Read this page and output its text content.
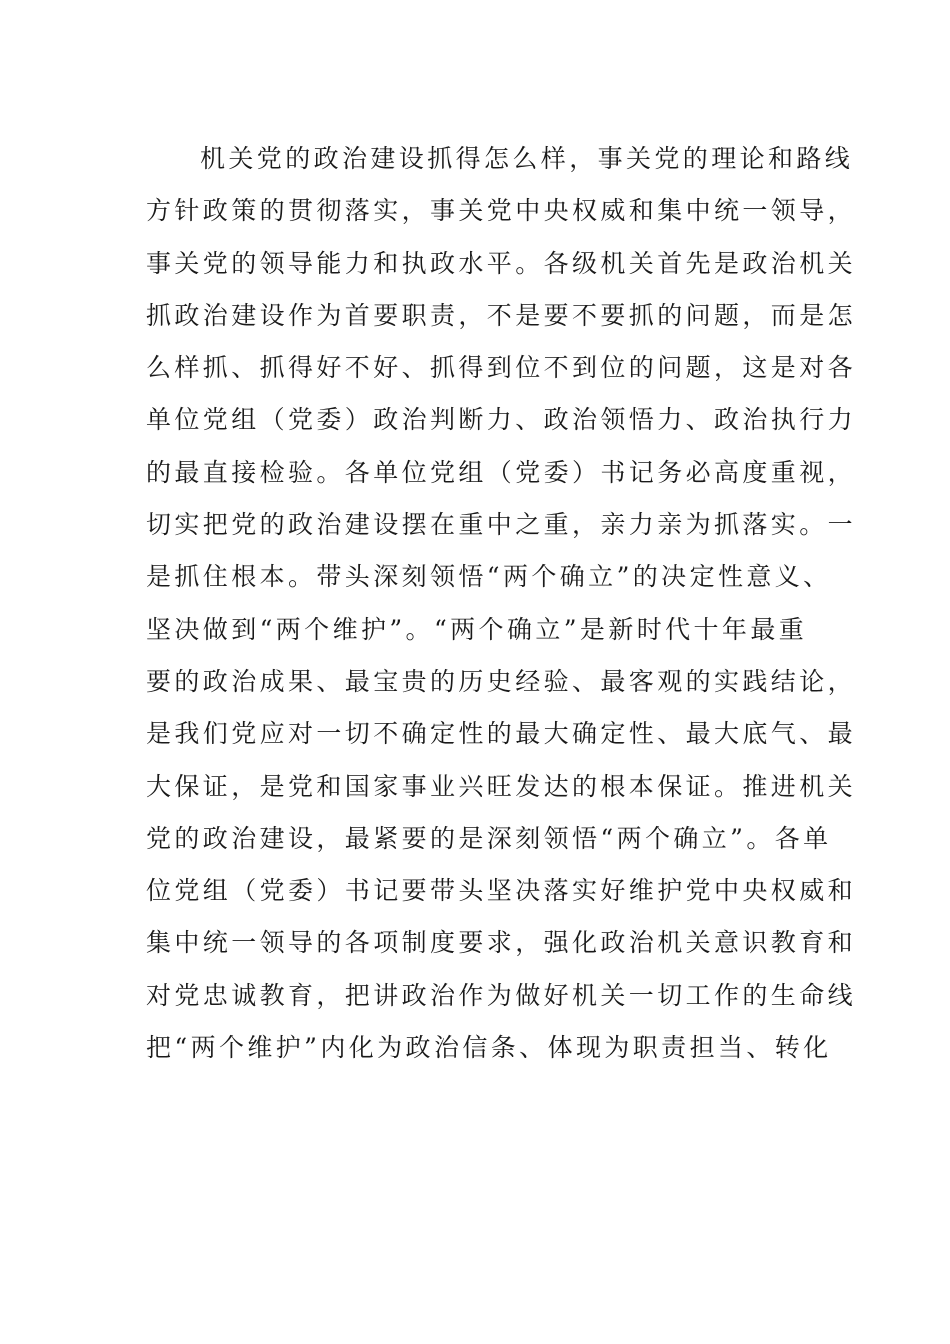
机关党的政治建设抓得怎么样，事关党的理论和路线
方针政策的贯彻落实，事关党中央权威和集中统一领导，
事关党的领导能力和执政水平。各级机关首先是政治机关
抓政治建设作为首要职责，不是要不要抓的问题，而是怎
么样抓、抓得好不好、抓得到位不到位的问题，这是对各
单位党组（党委）政治判断力、政治领悟力、政治执行力
的最直接检验。各单位党组（党委）书记务必高度重视，
切实把党的政治建设摆在重中之重，亲力亲为抓落实。一
是抓住根本。带头深刻领悟“两个确立”的决定性意义、
坚决做到“两个维护”。“两个确立”是新时代十年最重
要的政治成果、最宝贵的历史经验、最客观的实践结论，
是我们党应对一切不确定性的最大确定性、最大底气、最
大保证，是党和国家事业兴旺发达的根本保证。推进机关
党的政治建设，最紧要的是深刻领悟“两个确立”。各单
位党组（党委）书记要带头坚决落实好维护党中央权威和
集中统一领导的各项制度要求，强化政治机关意识教育和
对党忠诚教育，把讲政治作为做好机关一切工作的生命线
把“两个维护”内化为政治信条、体现为职责担当、转化
